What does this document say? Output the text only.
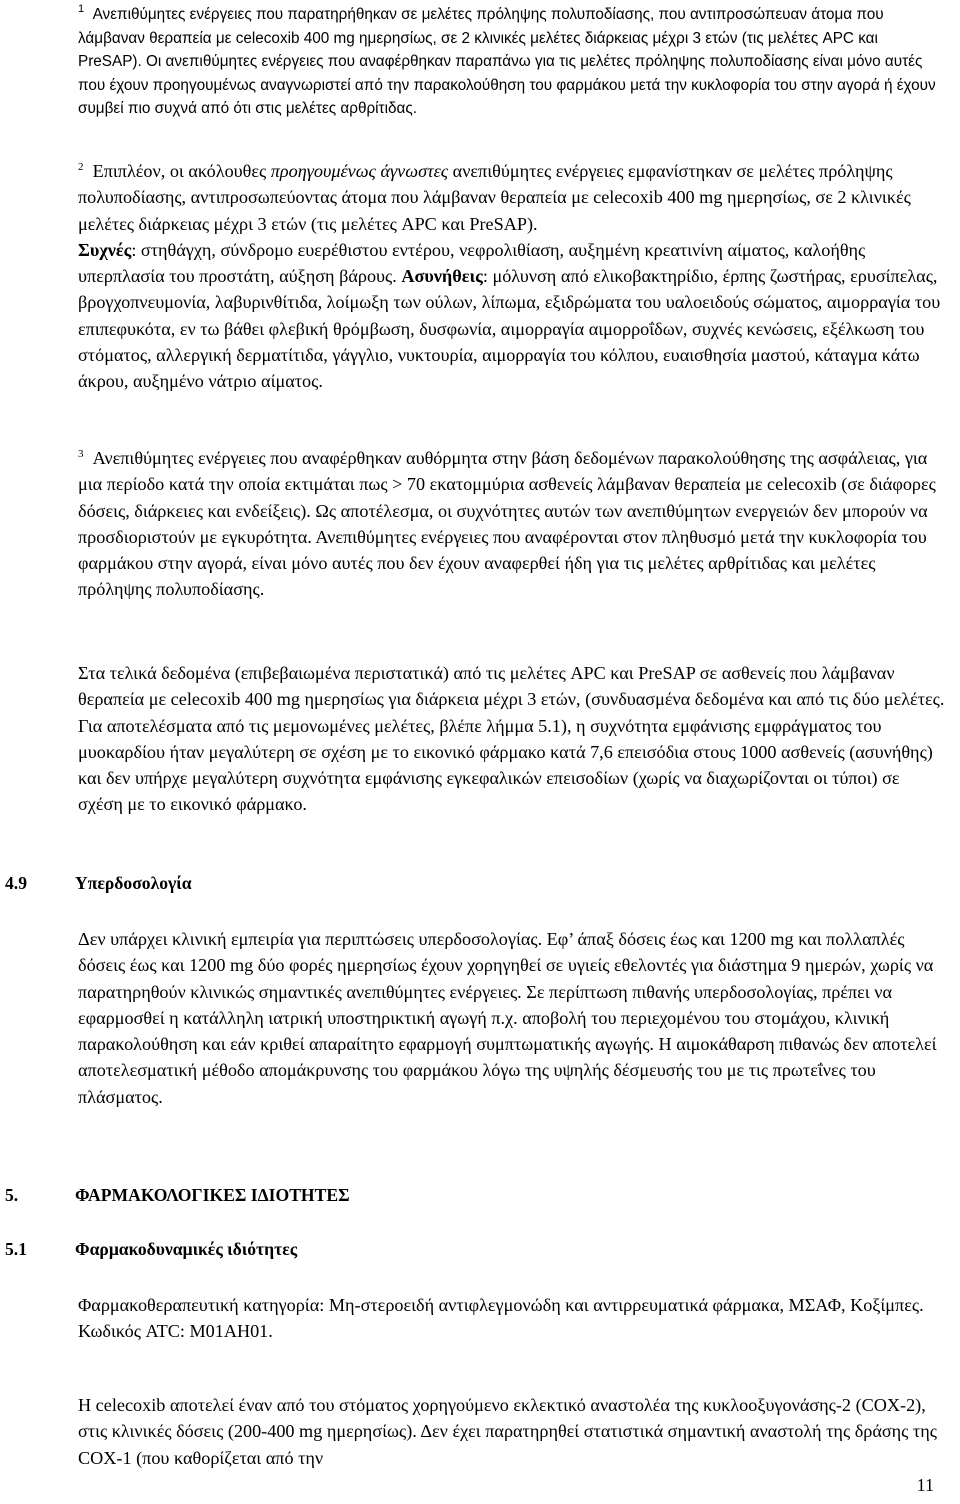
$^1$ Ανεπιθύμητες ενέργειες που παρατηρήθηκαν σε μελέτες πρόληψης πολυποδίασης, που αντιπροσώπευαν άτομα που λάμβαναν θεραπεία με celecoxib 400 mg ημερησίως, σε 2 κλινικές μελέτες διάρκειας μέχρι 3 ετών (τις μελέτες APC και PreSAP). Οι ανεπιθύμητες ενέργειες που αναφέρθηκαν παραπάνω για τις μελέτες πρόληψης πολυποδίασης είναι μόνο αυτές που έχουν προηγουμένως αναγνωριστεί από την παρακολούθηση του φαρμάκου μετά την κυκλοφορία του στην αγορά ή έχουν συμβεί πιο συχνά από ότι στις μελέτες αρθρίτιδας.

$^2$ Επιπλέον, οι ακόλουθες προηγουμένως άγνωστες ανεπιθύμητες ενέργειες εμφανίστηκαν σε μελέτες πρόληψης πολυποδίασης, αντιπροσωπεύοντας άτομα που λάμβαναν θεραπεία με celecoxib 400 mg ημερησίως, σε 2 κλινικές μελέτες διάρκειας μέχρι 3 ετών (τις μελέτες APC και PreSAP).

Συχνές: στηθάγχη, σύνδρομο ευερέθιστου εντέρου, νεφρολιθίαση, αυξημένη κρεατινίνη αίματος, καλοήθης υπερπλασία του προστάτη, αύξηση βάρους. Ασυνήθεις: μόλυνση από ελικοβακτηρίδιο, έρπης ζωστήρας, ερυσίπελας, βρογχοπνευμονία, λαβυρινθίτιδα, λοίμωξη των ούλων, λίπωμα, εξιδρώματα του υαλοειδούς σώματος, αιμορραγία του επιπεφυκότα, εν τω βάθει φλεβική θρόμβωση, δυσφωνία, αιμορραγία αιμορροΐδων, συχνές κενώσεις, εξέλκωση του στόματος, αλλεργική δερματίτιδα, γάγγλιο, νυκτουρία, αιμορραγία του κόλπου, ευαισθησία μαστού, κάταγμα κάτω άκρου, αυξημένο νάτριο αίματος.

$^3$ Ανεπιθύμητες ενέργειες που αναφέρθηκαν αυθόρμητα στην βάση δεδομένων παρακολούθησης της ασφάλειας, για μια περίοδο κατά την οποία εκτιμάται πως > 70 εκατομμύρια ασθενείς λάμβαναν θεραπεία με celecoxib (σε διάφορες δόσεις, διάρκειες και ενδείξεις). Ως αποτέλεσμα, οι συχνότητες αυτών των ανεπιθύμητων ενεργειών δεν μπορούν να προσδιοριστούν με εγκυρότητα. Ανεπιθύμητες ενέργειες που αναφέρονται στον πληθυσμό μετά την κυκλοφορία του φαρμάκου στην αγορά, είναι μόνο αυτές που δεν έχουν αναφερθεί ήδη για τις μελέτες αρθρίτιδας και μελέτες πρόληψης πολυποδίασης.

Στα τελικά δεδομένα (επιβεβαιωμένα περιστατικά) από τις μελέτες APC και PreSAP σε ασθενείς που λάμβαναν θεραπεία με celecoxib 400 mg ημερησίως για διάρκεια μέχρι 3 ετών, (συνδυασμένα δεδομένα και από τις δύο μελέτες. Για αποτελέσματα από τις μεμονωμένες μελέτες, βλέπε λήμμα 5.1), η συχνότητα εμφάνισης εμφράγματος του μυοκαρδίου ήταν μεγαλύτερη σε σχέση με το εικονικό φάρμακο κατά 7,6 επεισόδια στους 1000 ασθενείς (ασυνήθης) και δεν υπήρχε μεγαλύτερη συχνότητα εμφάνισης εγκεφαλικών επεισοδίων (χωρίς να διαχωρίζονται οι τύποι) σε σχέση με το εικονικό φάρμακο.

4.9	Υπερδοσολογία

Δεν υπάρχει κλινική εμπειρία για περιπτώσεις υπερδοσολογίας. Εφ’ άπαξ δόσεις έως και 1200 mg και πολλαπλές δόσεις έως και 1200 mg δύο φορές ημερησίως έχουν χορηγηθεί σε υγιείς εθελοντές για διάστημα 9 ημερών, χωρίς να παρατηρηθούν κλινικώς σημαντικές ανεπιθύμητες ενέργειες. Σε περίπτωση πιθανής υπερδοσολογίας, πρέπει να εφαρμοσθεί η κατάλληλη ιατρική υποστηρικτική αγωγή π.χ. αποβολή του περιεχομένου του στομάχου, κλινική παρακολούθηση και εάν κριθεί απαραίτητο εφαρμογή συμπτωματικής αγωγής. Η αιμοκάθαρση πιθανώς δεν αποτελεί αποτελεσματική μέθοδο απομάκρυνσης του φαρμάκου λόγω της υψηλής δέσμευσής του με τις πρωτεΐνες του πλάσματος.

5.	ΦΑΡΜΑΚΟΛΟΓΙΚΕΣ ΙΔΙΟΤΗΤΕΣ
5.1	Φαρμακοδυναμικές ιδιότητες

Φαρμακοθεραπευτική κατηγορία: Μη-στεροειδή αντιφλεγμονώδη και αντιρρευματικά φάρμακα, ΜΣΑΦ, Κοξίμπες.

Κωδικός ATC: M01AH01.

Η celecoxib αποτελεί έναν από του στόματος χορηγούμενο εκλεκτικό αναστολέα της κυκλοοξυγονάσης-2 (COX-2), στις κλινικές δόσεις (200-400 mg ημερησίως). Δεν έχει παρατηρηθεί στατιστικά σημαντική αναστολή της δράσης της COX-1 (που καθορίζεται από την

11
